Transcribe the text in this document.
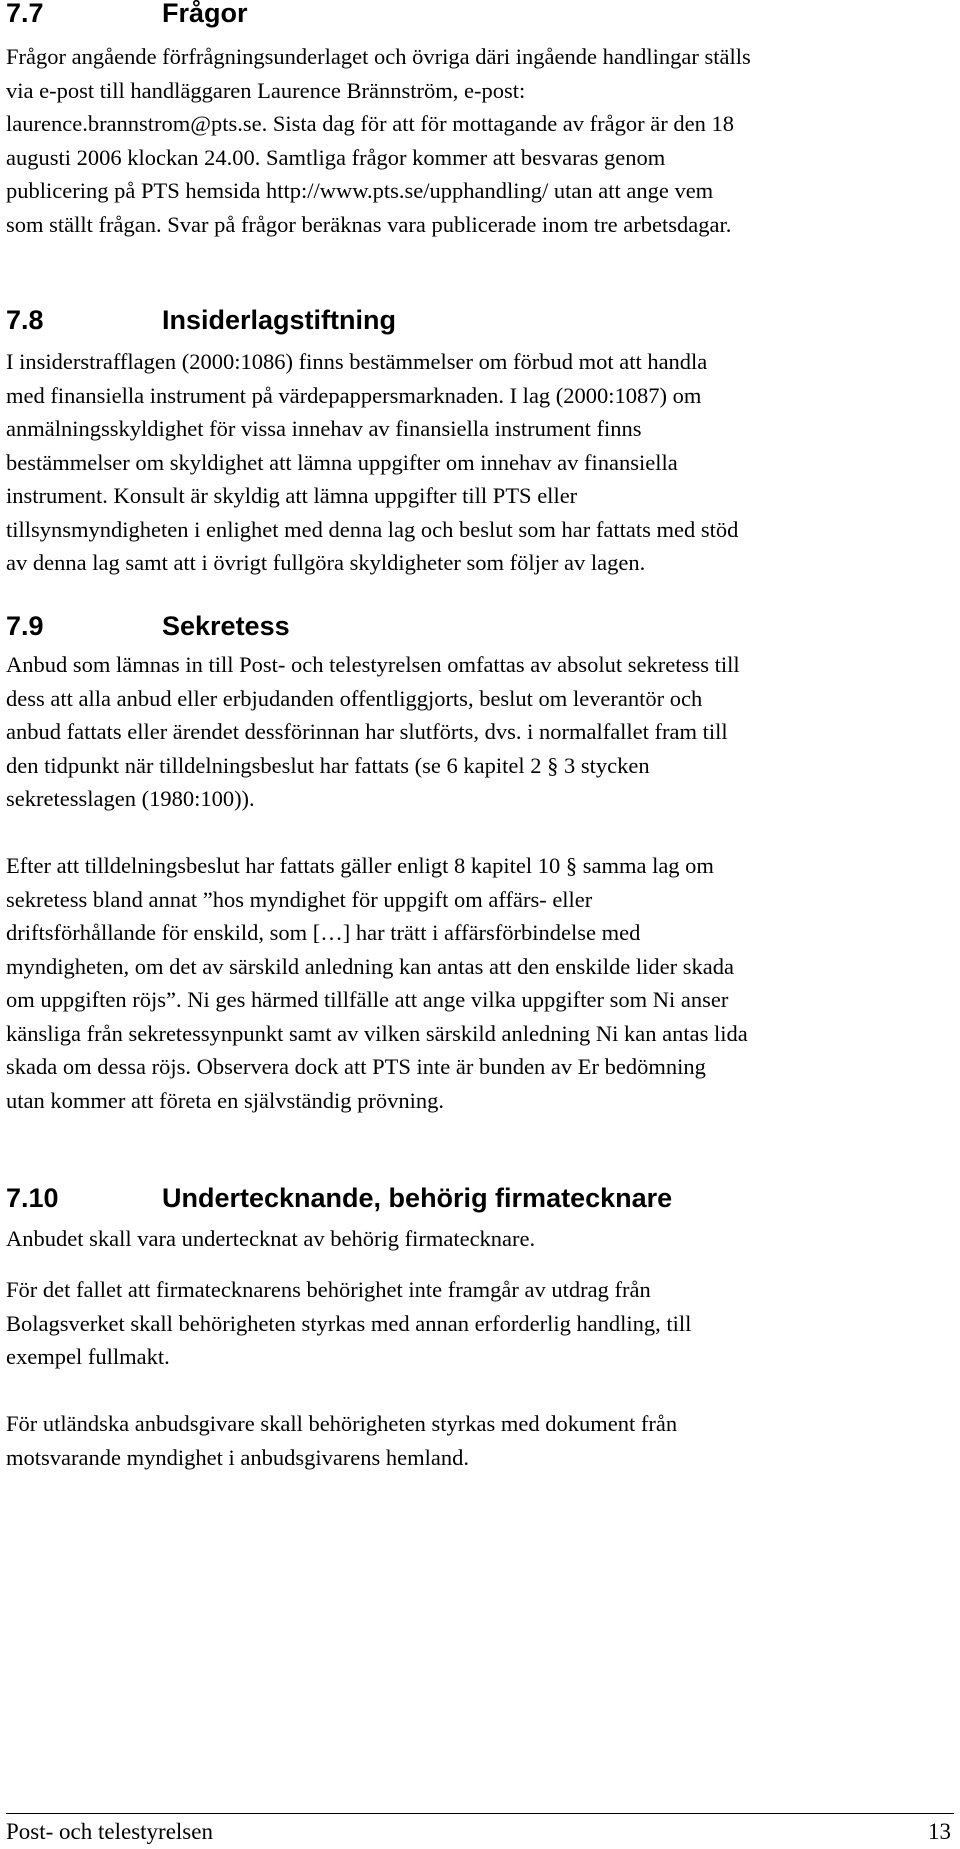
7.7	Frågor
Frågor angående förfrågningsunderlaget och övriga däri ingående handlingar ställs
via e-post till handläggaren Laurence Brännström, e-post:
laurence.brannstrom@pts.se. Sista dag för att för mottagande av frågor är den 18
augusti 2006 klockan 24.00. Samtliga frågor kommer att besvaras genom
publicering på PTS hemsida http://www.pts.se/upphandling/ utan att ange vem
som ställt frågan. Svar på frågor beräknas vara publicerade inom tre arbetsdagar.
7.8	Insiderlagstiftning
I insiderstrafflagen (2000:1086) finns bestämmelser om förbud mot att handla
med finansiella instrument på värdepappersmarknaden. I lag (2000:1087) om
anmälningsskyldighet för vissa innehav av finansiella instrument finns
bestämmelser om skyldighet att lämna uppgifter om innehav av finansiella
instrument. Konsult är skyldig att lämna uppgifter till PTS eller
tillsynsmyndigheten i enlighet med denna lag och beslut som har fattats med stöd
av denna lag samt att i övrigt fullgöra skyldigheter som följer av lagen.
7.9	Sekretess
Anbud som lämnas in till Post- och telestyrelsen omfattas av absolut sekretess till
dess att alla anbud eller erbjudanden offentliggjorts, beslut om leverantör och
anbud fattats eller ärendet dessförinnan har slutförts, dvs. i normalfallet fram till
den tidpunkt när tilldelningsbeslut har fattats (se 6 kapitel 2 § 3 stycken
sekretesslagen (1980:100)).
Efter att tilldelningsbeslut har fattats gäller enligt 8 kapitel 10 § samma lag om
sekretess bland annat ”hos myndighet för uppgift om affärs- eller
driftsförhållande för enskild, som […] har trätt i affärsförbindelse med
myndigheten, om det av särskild anledning kan antas att den enskilde lider skada
om uppgiften röjs”. Ni ges härmed tillfälle att ange vilka uppgifter som Ni anser
känsliga från sekretessynpunkt samt av vilken särskild anledning Ni kan antas lida
skada om dessa röjs. Observera dock att PTS inte är bunden av Er bedömning
utan kommer att företa en självständig prövning.
7.10	Undertecknande, behörig firmatecknare
Anbudet skall vara undertecknat av behörig firmatecknare.
För det fallet att firmatecknarens behörighet inte framgår av utdrag från
Bolagsverket skall behörigheten styrkas med annan erforderlig handling, till
exempel fullmakt.
För utländska anbudsgivare skall behörigheten styrkas med dokument från
motsvarande myndighet i anbudsgivarens hemland.
Post- och telestyrelsen	13
